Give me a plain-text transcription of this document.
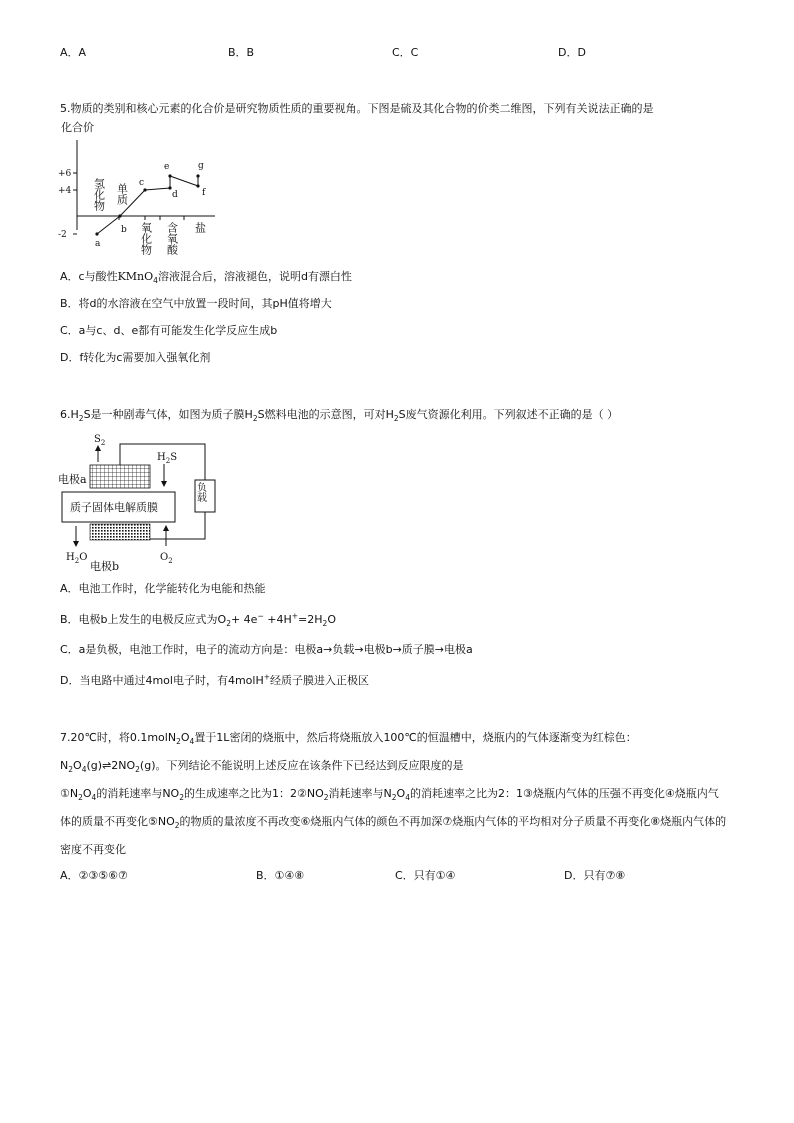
A．A	B．B	C．C	D．D
5.物质的类别和核心元素的化合价是研究物质性质的重要视角。下图是硫及其化合物的价类二维图，下列有关说法正确的是
化合价
+6
+4
-2
a
b
c
d
e
f
g
氢化物 单质
氧化物 含氧酸 盐
A．c与酸性KMnO$_4$溶液混合后，溶液褪色，说明d有漂白性
B．将d的水溶液在空气中放置一段时间，其pH值将增大
C．a与c、d、e都有可能发生化学反应生成b
D．f转化为c需要加入强氧化剂
$6.H_2S$是一种剧毒气体，如图为质子膜$H_2S$燃料电池的示意图，可对$H_2S$废气资源化利用。下列叙述不正确的是（ ）
$S_2$
电极a
$H_2S$
质子固体电解质膜
$H_2O$
电极b
$O_2$
负载
A．电池工作时，化学能转化为电能和热能
B．电极b上发生的电极反应式为$O_2+ 4e^- +4H^+=2H_2O$
C．a是负极，电池工作时，电子的流动方向是：电极a→负载→电极b→质子膜→电极a
D．当电路中通过4mol电子时，有4molH+经质子膜进入正极区
7.20℃时，将$0.1molN_2O_4$置于1L密闭的烧瓶中，然后将烧瓶放入100℃的恒温槽中，烧瓶内的气体逐渐变为红棕色：
$N_2O_4(g)\rightleftharpoons 2NO_2(g)$。下列结论不能说明上述反应在该条件下已经达到反应限度的是
$①N_2O_4$的消耗速率与$NO_2$的生成速率之比为1：$2②NO_2$消耗速率与$N_2O_4$的消耗速率之比为2：1③烧瓶内气体的压强不再变化④烧瓶内气
体的质量不再变化$⑤NO_2$的物质的量浓度不再改变⑥烧瓶内气体的颜色不再加深⑦烧瓶内气体的平均相对分子质量不再变化⑧烧瓶内气体的
密度不再变化
A．②③⑤⑥⑦	B．①④⑧	C．只有①④	D．只有⑦⑧
